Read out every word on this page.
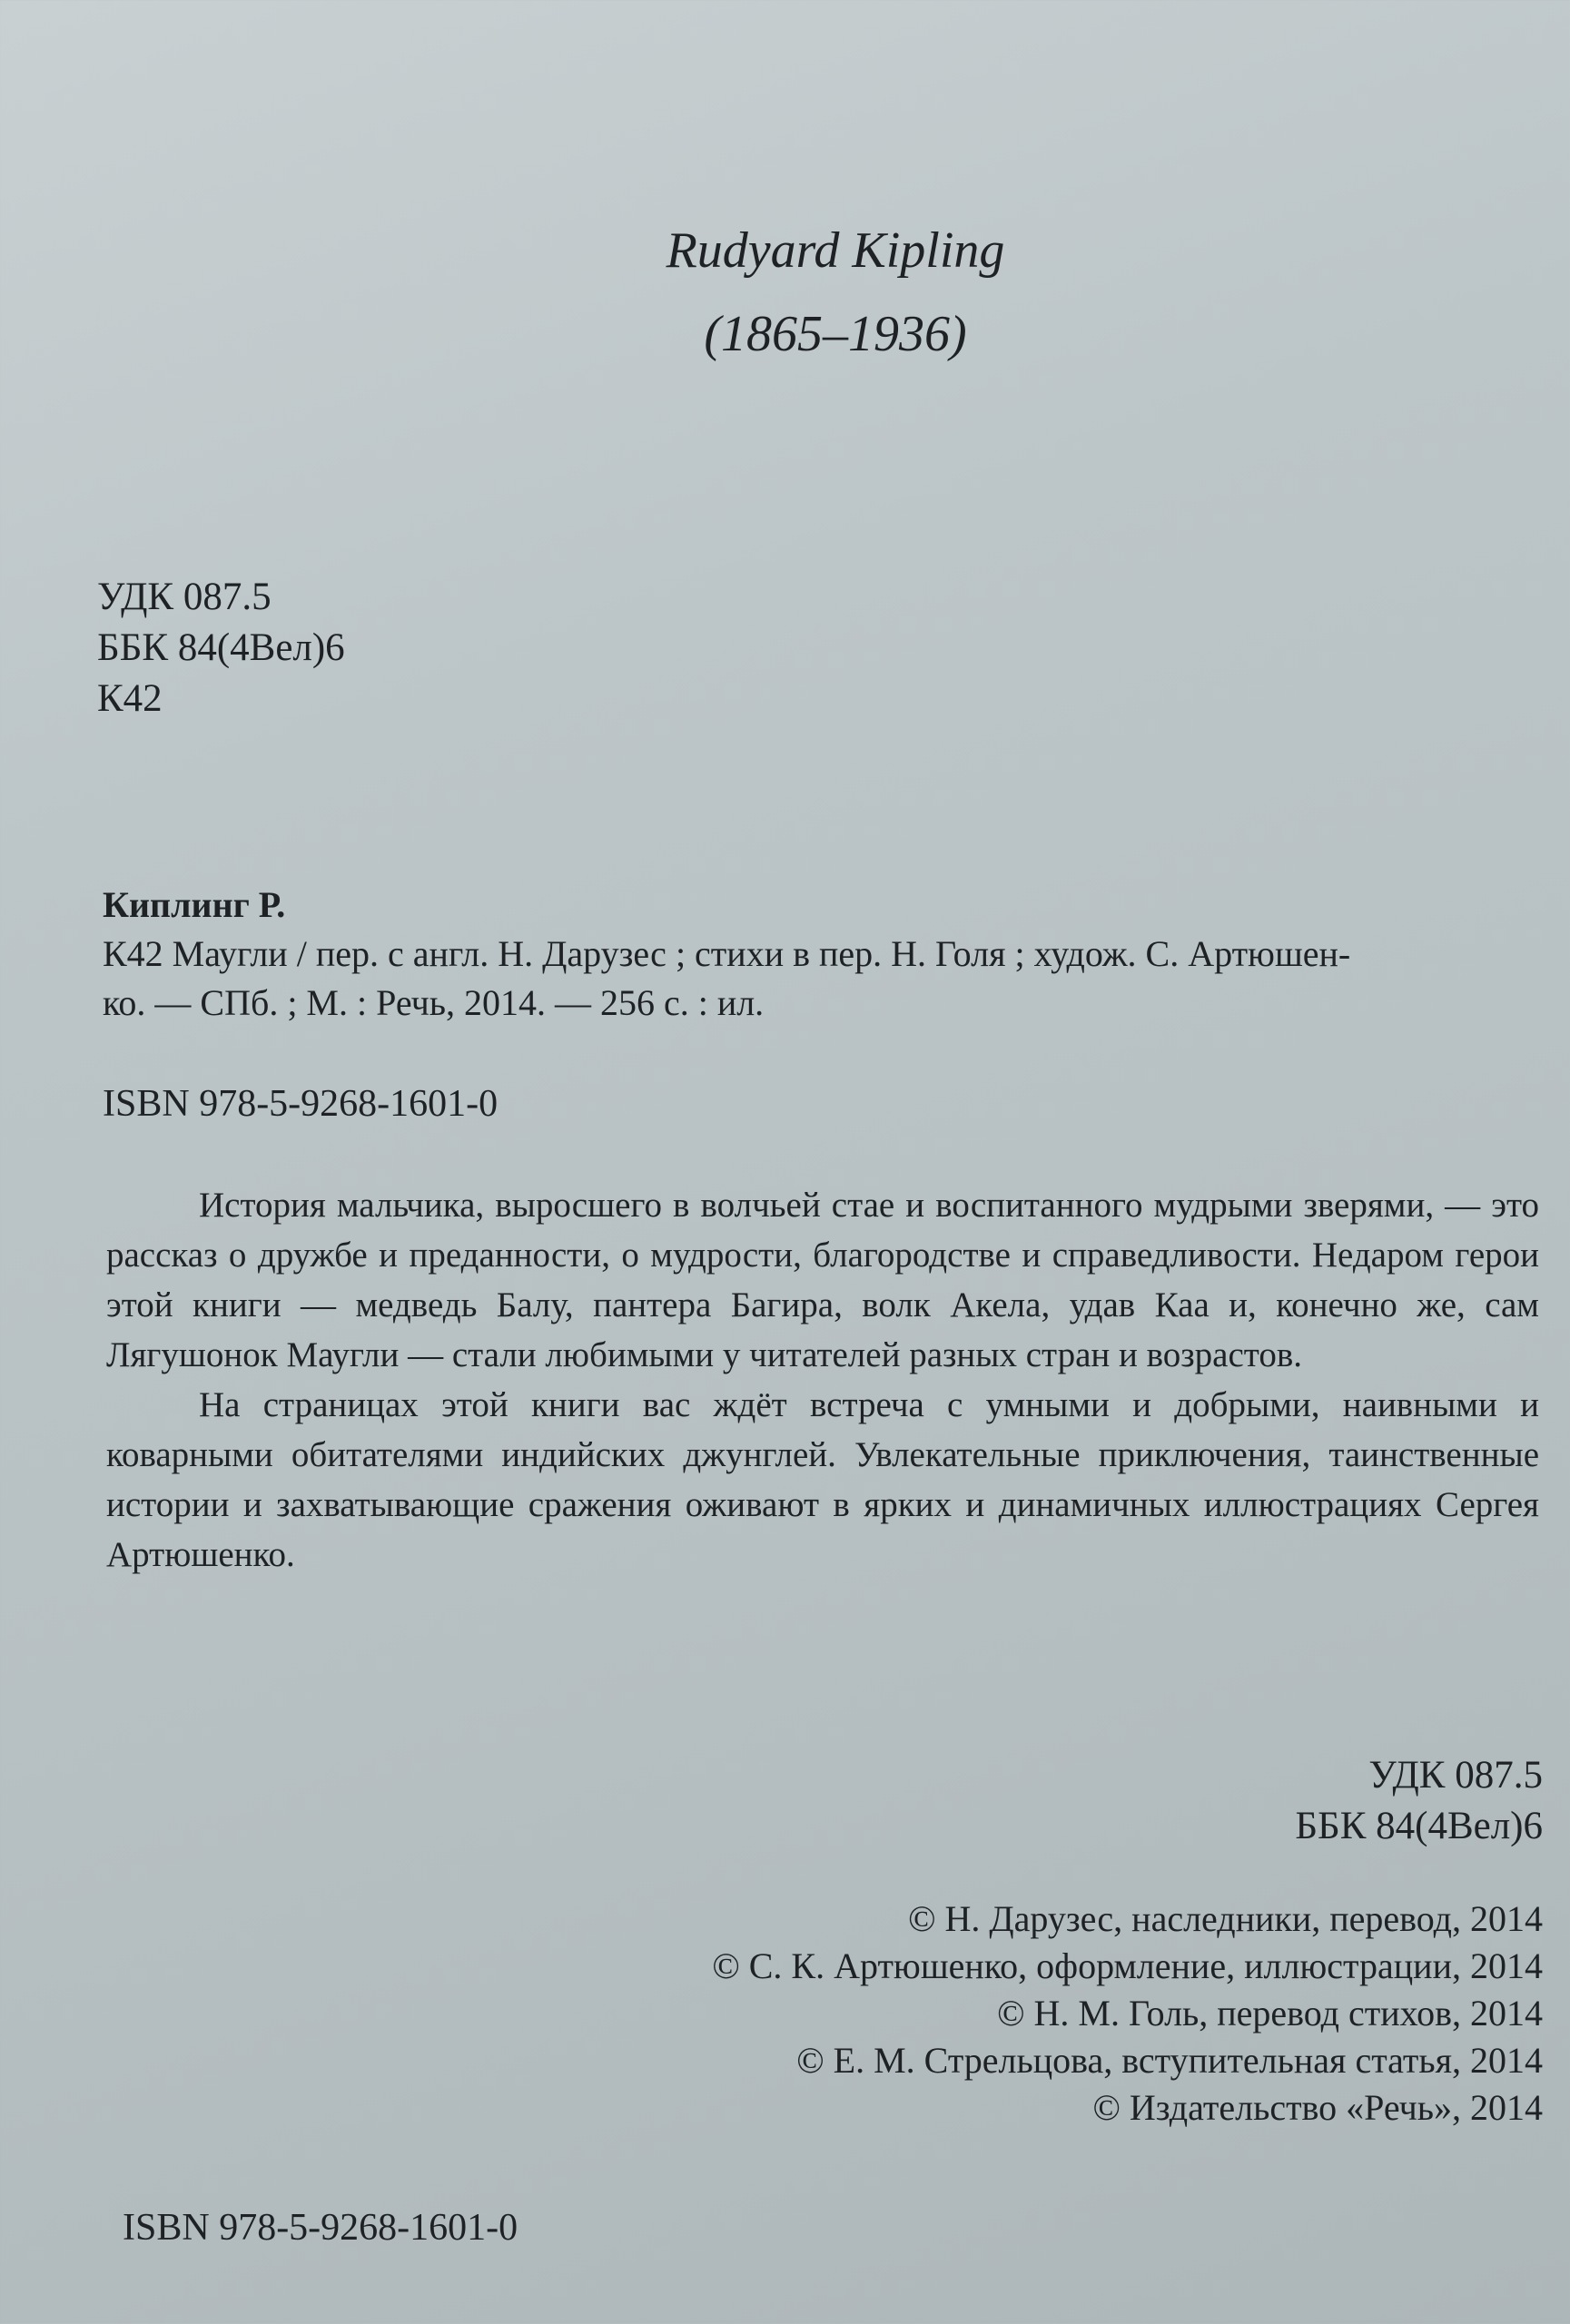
Rudyard Kipling
(1865–1936)
УДК 087.5
ББК 84(4Вел)6
К42
Киплинг Р.
К42 Маугли / пер. с англ. Н. Дарузес ; стихи в пер. Н. Голя ; худож. С. Артюшен-
ко. — СПб. ; М. : Речь, 2014. — 256 с. : ил.
ISBN 978-5-9268-1601-0

История мальчика, выросшего в волчьей стае и воспитанного мудрыми зверями, — это рассказ о дружбе и преданности, о мудрости, благородстве и справедливости. Недаром герои этой книги — медведь Балу, пантера Багира, волк Акела, удав Каа и, конечно же, сам Лягушонок Маугли — стали любимыми у читателей разных стран и возрастов.

На страницах этой книги вас ждёт встреча с умными и добрыми, наивными и коварными обитателями индийских джунглей. Увлекательные приключения, таинственные истории и захватывающие сражения оживают в ярких и динамичных иллюстрациях Сергея Артюшенко.

УДК 087.5
ББК 84(4Вел)6
© Н. Дарузес, наследники, перевод, 2014
© С. К. Артюшенко, оформление, иллюстрации, 2014
© Н. М. Голь, перевод стихов, 2014
© Е. М. Стрельцова, вступительная статья, 2014
© Издательство «Речь», 2014
ISBN 978-5-9268-1601-0
